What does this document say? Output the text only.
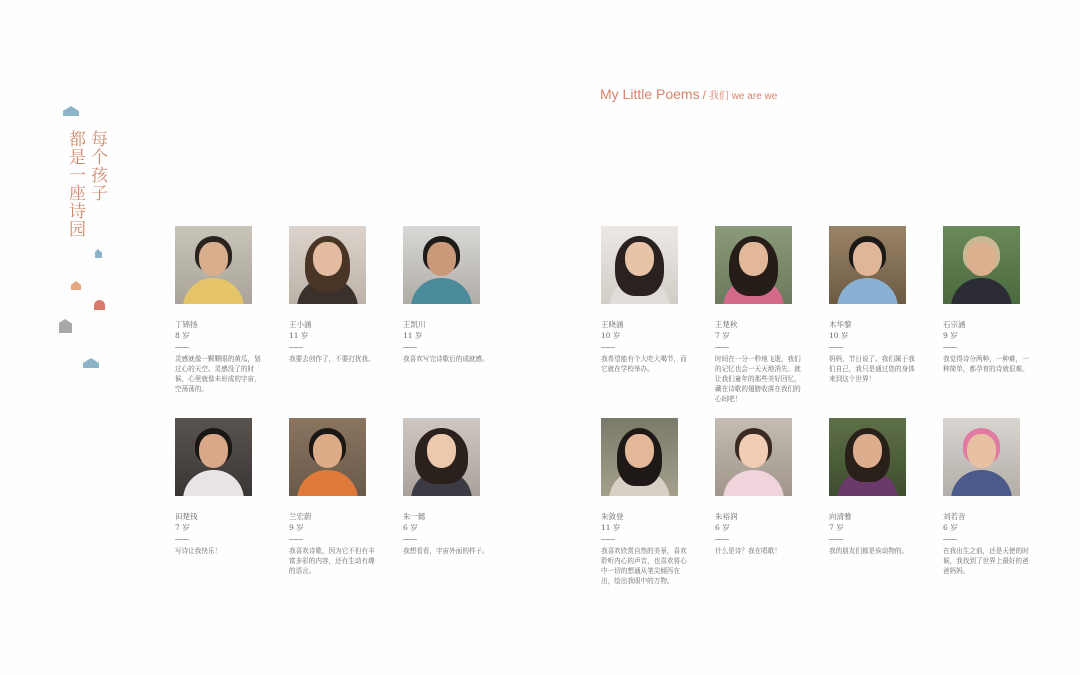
每个孩子
都是一座诗园
My Little Poems / 我们 we are we
丁锦扬
8 岁
灵感就像一颗颗眼的黄瓜，划过心的天空。灵感没了的时候，心里就像未形成的宇宙，空荡荡的。
王小涵
11 岁
我要去创作了，不要打扰我。
王凯川
11 岁
我喜欢写完诗歌后的成就感。
王晓涵
10 岁
我希望能有个大吃大喝节，而它就在学校举办。
王楚秋
7 岁
时间在一分一秒地飞逝，我们的记忆也会一天天地消失。就让我们童年的那些美好回忆，藏在诗歌的翅膀收落在我们的心间吧！
木华黎
10 岁
妈妈，节日说了。我们属于我们自己，我只是通过您的身体来到这个世界！
石宗涵
9 岁
我觉得诗分两种，一种难，一种简单，都孕育的诗就很难。
田楚钱
7 岁
写诗让我快乐！
兰宏蔚
9 岁
我喜欢诗歌，因为它不但有丰富多彩的内容，还有生动有趣的语言。
朱一懿
6 岁
我想看看，宇宙外面的样子。
朱敛登
11 岁
我喜欢欣赏自然的美景，喜欢聆听内心的声音，也喜欢将心中一切的想通从笔尖倾泻在出，绘出我眼中的万物。
朱裕润
6 岁
什么是诗？我在唱歌！
向清雅
7 岁
我的朋友们都是诶动物的。
刘若音
6 岁
在我出生之前，还是天使的时候，我找到了世界上最好的爸爸妈妈。
